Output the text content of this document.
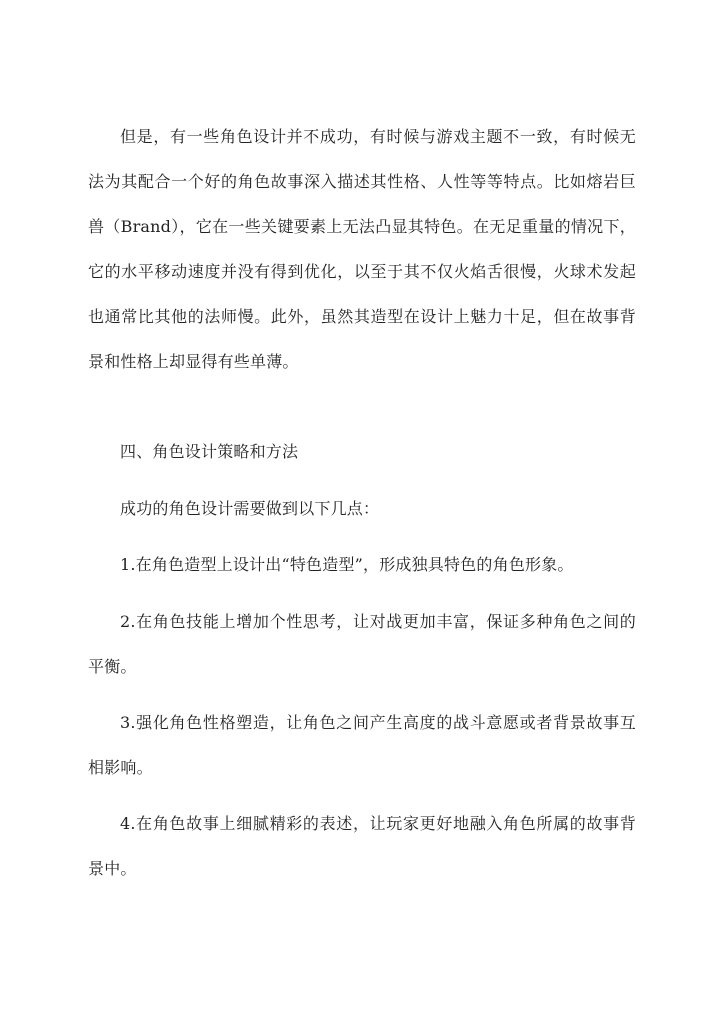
但是，有一些角色设计并不成功，有时候与游戏主题不一致，有时候无法为其配合一个好的角色故事深入描述其性格、人性等等特点。比如熔岩巨兽（Brand），它在一些关键要素上无法凸显其特色。在无足重量的情况下，它的水平移动速度并没有得到优化，以至于其不仅火焰舌很慢，火球术发起也通常比其他的法师慢。此外，虽然其造型在设计上魅力十足，但在故事背景和性格上却显得有些单薄。

四、角色设计策略和方法

成功的角色设计需要做到以下几点：

1.在角色造型上设计出“特色造型”，形成独具特色的角色形象。

2.在角色技能上增加个性思考，让对战更加丰富，保证多种角色之间的平衡。

3.强化角色性格塑造，让角色之间产生高度的战斗意愿或者背景故事互相影响。

4.在角色故事上细腻精彩的表述，让玩家更好地融入角色所属的故事背景中。
